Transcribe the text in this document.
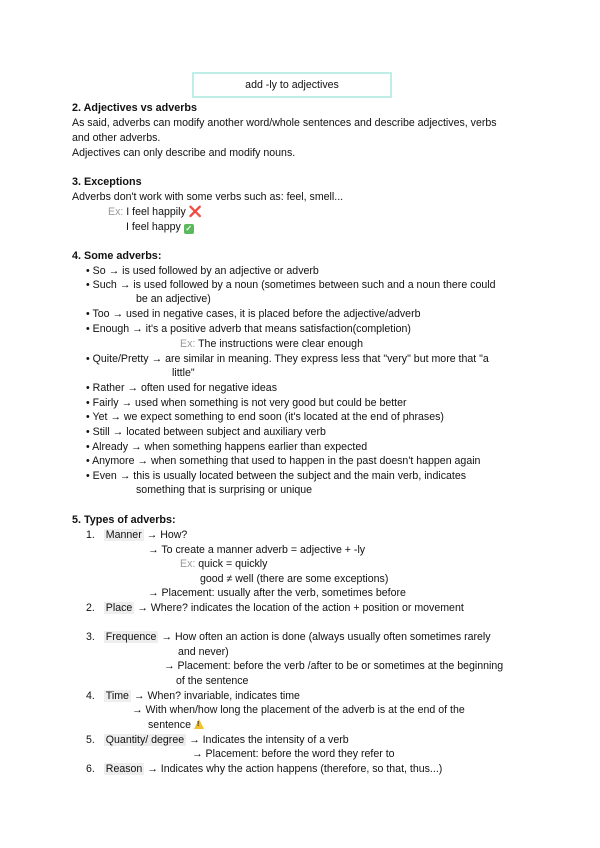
add -ly to adjectives
2. Adjectives vs adverbs
As said, adverbs can modify another word/whole sentences and describe adjectives, verbs
and other adverbs.
Adjectives can only describe and modify nouns.
3. Exceptions
Adverbs don't work with some verbs such as: feel, smell...
Ex: I feel happily ❌
I feel happy ✓
4. Some adverbs:
• So → is used followed by an adjective or adverb
• Such → is used followed by a noun (sometimes between such and a noun there could
be an adjective)
• Too → used in negative cases, it is placed before the adjective/adverb
• Enough → it's a positive adverb that means satisfaction(completion)
Ex: The instructions were clear enough
• Quite/Pretty → are similar in meaning. They express less that "very" but more that "a
little"
• Rather → often used for negative ideas
• Fairly → used when something is not very good but could be better
• Yet → we expect something to end soon (it's located at the end of phrases)
• Still → located between subject and auxiliary verb
• Already → when something happens earlier than expected
• Anymore → when something that used to happen in the past doesn't happen again
• Even → this is usually located between the subject and the main verb, indicates
something that is surprising or unique
5. Types of adverbs:
1. Manner → How?
→ To create a manner adverb = adjective + -ly
Ex: quick = quickly
good ≠ well (there are some exceptions)
→ Placement: usually after the verb, sometimes before
2. Place → Where? indicates the location of the action + position or movement
3. Frequence → How often an action is done (always usually often sometimes rarely
and never)
→ Placement: before the verb /after to be or sometimes at the beginning
of the sentence
4. Time → When? invariable, indicates time
→ With when/how long the placement of the adverb is at the end of the
sentence !
5. Quantity/ degree → Indicates the intensity of a verb
→ Placement: before the word they refer to
6. Reason → Indicates why the action happens (therefore, so that, thus...)
